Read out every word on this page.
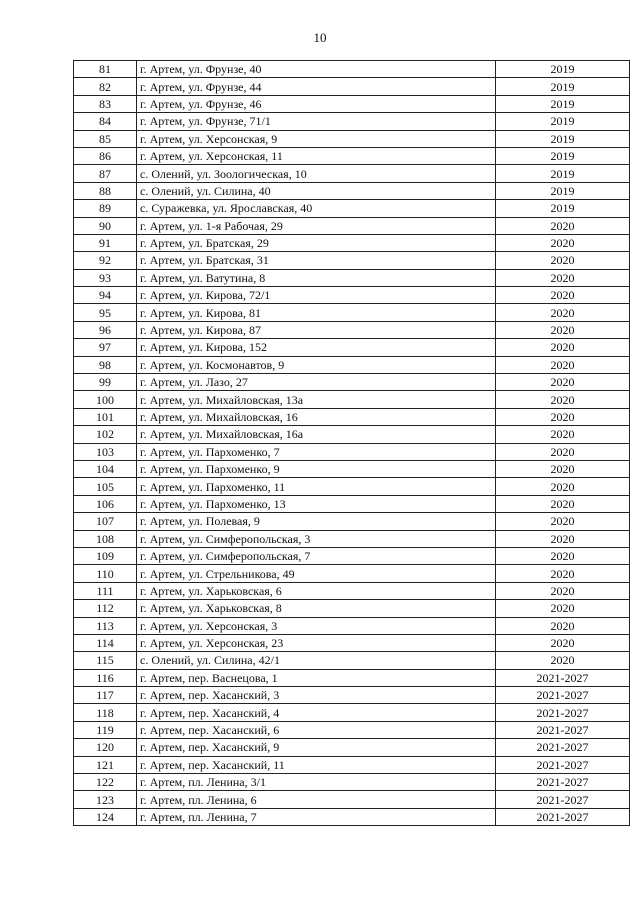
10
81	г. Артем, ул. Фрунзе, 40	2019
82	г. Артем, ул. Фрунзе, 44	2019
83	г. Артем, ул. Фрунзе, 46	2019
84	г. Артем, ул. Фрунзе, 71/1	2019
85	г. Артем, ул. Херсонская, 9	2019
86	г. Артем, ул. Херсонская, 11	2019
87	с. Олений, ул. Зоологическая, 10	2019
88	с. Олений, ул. Силина, 40	2019
89	с. Суражевка, ул. Ярославская, 40	2019
90	г. Артем, ул. 1-я Рабочая, 29	2020
91	г. Артем, ул. Братская, 29	2020
92	г. Артем, ул. Братская, 31	2020
93	г. Артем, ул. Ватутина, 8	2020
94	г. Артем, ул. Кирова, 72/1	2020
95	г. Артем, ул. Кирова, 81	2020
96	г. Артем, ул. Кирова, 87	2020
97	г. Артем, ул. Кирова, 152	2020
98	г. Артем, ул. Космонавтов, 9	2020
99	г. Артем, ул. Лазо, 27	2020
100	г. Артем, ул. Михайловская, 13а	2020
101	г. Артем, ул. Михайловская, 16	2020
102	г. Артем, ул. Михайловская, 16а	2020
103	г. Артем, ул. Пархоменко, 7	2020
104	г. Артем, ул. Пархоменко, 9	2020
105	г. Артем, ул. Пархоменко, 11	2020
106	г. Артем, ул. Пархоменко, 13	2020
107	г. Артем, ул. Полевая, 9	2020
108	г. Артем, ул. Симферопольская, 3	2020
109	г. Артем, ул. Симферопольская, 7	2020
110	г. Артем, ул. Стрельникова, 49	2020
111	г. Артем, ул. Харьковская, 6	2020
112	г. Артем, ул. Харьковская, 8	2020
113	г. Артем, ул. Херсонская, 3	2020
114	г. Артем, ул. Херсонская, 23	2020
115	с. Олений, ул. Силина, 42/1	2020
116	г. Артем, пер. Васнецова, 1	2021-2027
117	г. Артем, пер. Хасанский, 3	2021-2027
118	г. Артем, пер. Хасанский, 4	2021-2027
119	г. Артем, пер. Хасанский, 6	2021-2027
120	г. Артем, пер. Хасанский, 9	2021-2027
121	г. Артем, пер. Хасанский, 11	2021-2027
122	г. Артем, пл. Ленина, 3/1	2021-2027
123	г. Артем, пл. Ленина, 6	2021-2027
124	г. Артем, пл. Ленина, 7	2021-2027
